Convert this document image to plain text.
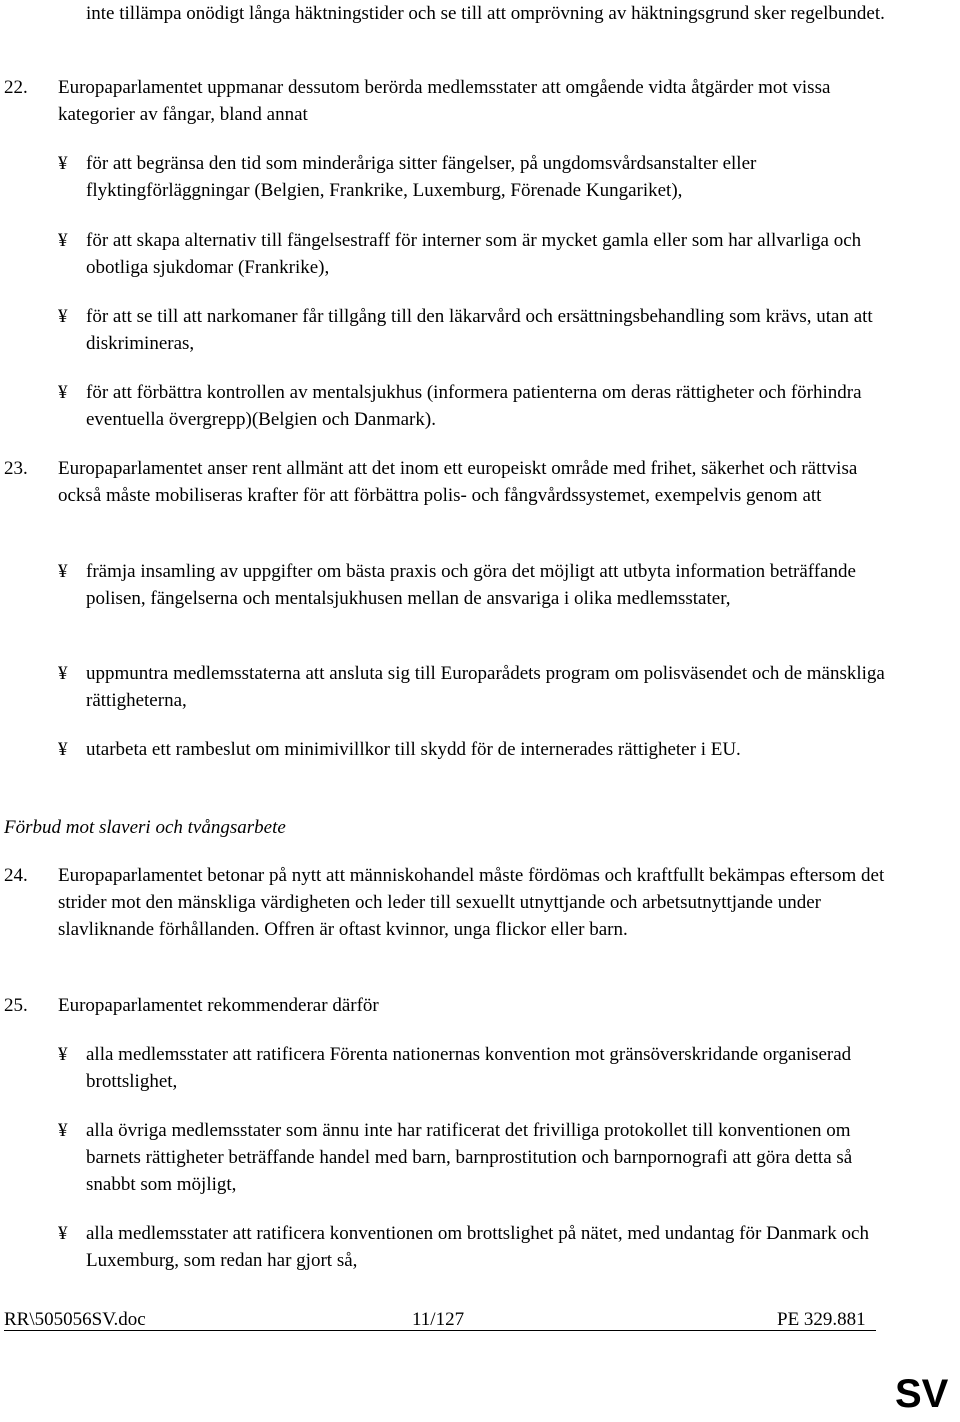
inte tillämpa onödigt långa häktningstider och se till att omprövning av häktningsgrund sker regelbundet.
22. Europaparlamentet uppmanar dessutom berörda medlemsstater att omgående vidta åtgärder mot vissa kategorier av fångar, bland annat
¥ för att begränsa den tid som minderåriga sitter fängelser, på ungdomsvårdsanstalter eller flyktingförläggningar (Belgien, Frankrike, Luxemburg, Förenade Kungariket),
¥ för att skapa alternativ till fängelsestraff för interner som är mycket gamla eller som har allvarliga och obotliga sjukdomar (Frankrike),
¥ för att se till att narkomaner får tillgång till den läkarvård och ersättningsbehandling som krävs, utan att diskrimineras,
¥ för att förbättra kontrollen av mentalsjukhus (informera patienterna om deras rättigheter och förhindra eventuella övergrepp)(Belgien och Danmark).
23. Europaparlamentet anser rent allmänt att det inom ett europeiskt område med frihet, säkerhet och rättvisa också måste mobiliseras krafter för att förbättra polis- och fångvårdssystemet, exempelvis genom att
¥ främja insamling av uppgifter om bästa praxis och göra det möjligt att utbyta information beträffande polisen, fängelserna och mentalsjukhusen mellan de ansvariga i olika medlemsstater,
¥ uppmuntra medlemsstaterna att ansluta sig till Europarådets program om polisväsendet och de mänskliga rättigheterna,
¥ utarbeta ett rambeslut om minimivillkor till skydd för de internerades rättigheter i EU.
Förbud mot slaveri och tvångsarbete
24. Europaparlamentet betonar på nytt att människohandel måste fördömas och kraftfullt bekämpas eftersom det strider mot den mänskliga värdigheten och leder till sexuellt utnyttjande och arbetsutnyttjande under slavliknande förhållanden. Offren är oftast kvinnor, unga flickor eller barn.
25. Europaparlamentet rekommenderar därför
¥ alla medlemsstater att ratificera Förenta nationernas konvention mot gränsöverskridande organiserad brottslighet,
¥ alla övriga medlemsstater som ännu inte har ratificerat det frivilliga protokollet till konventionen om barnets rättigheter beträffande handel med barn, barnprostitution och barnpornografi att göra detta så snabbt som möjligt,
¥ alla medlemsstater att ratificera konventionen om brottslighet på nätet, med undantag för Danmark och Luxemburg, som redan har gjort så,
RR\505056SV.doc	11/127	PE 329.881
SV
